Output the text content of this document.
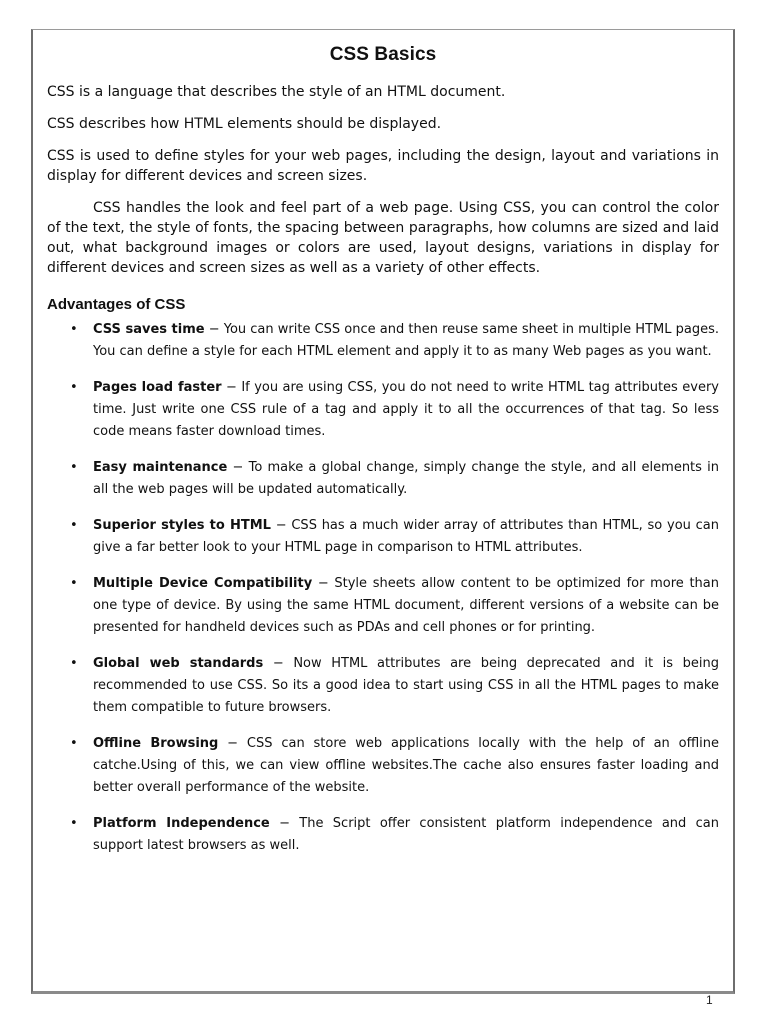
CSS Basics

CSS is a language that describes the style of an HTML document.

CSS describes how HTML elements should be displayed.

CSS is used to define styles for your web pages, including the design, layout and variations in display for different devices and screen sizes.

CSS handles the look and feel part of a web page. Using CSS, you can control the color of the text, the style of fonts, the spacing between paragraphs, how columns are sized and laid out, what background images or colors are used, layout designs, variations in display for different devices and screen sizes as well as a variety of other effects.

Advantages of CSS
• CSS saves time − You can write CSS once and then reuse same sheet in multiple HTML pages. You can define a style for each HTML element and apply it to as many Web pages as you want.
• Pages load faster − If you are using CSS, you do not need to write HTML tag attributes every time. Just write one CSS rule of a tag and apply it to all the occurrences of that tag. So less code means faster download times.
• Easy maintenance − To make a global change, simply change the style, and all elements in all the web pages will be updated automatically.
• Superior styles to HTML − CSS has a much wider array of attributes than HTML, so you can give a far better look to your HTML page in comparison to HTML attributes.
• Multiple Device Compatibility − Style sheets allow content to be optimized for more than one type of device. By using the same HTML document, different versions of a website can be presented for handheld devices such as PDAs and cell phones or for printing.
• Global web standards − Now HTML attributes are being deprecated and it is being recommended to use CSS. So its a good idea to start using CSS in all the HTML pages to make them compatible to future browsers.
• Offline Browsing − CSS can store web applications locally with the help of an offline catche.Using of this, we can view offline websites.The cache also ensures faster loading and better overall performance of the website.
• Platform Independence − The Script offer consistent platform independence and can support latest browsers as well.
1
